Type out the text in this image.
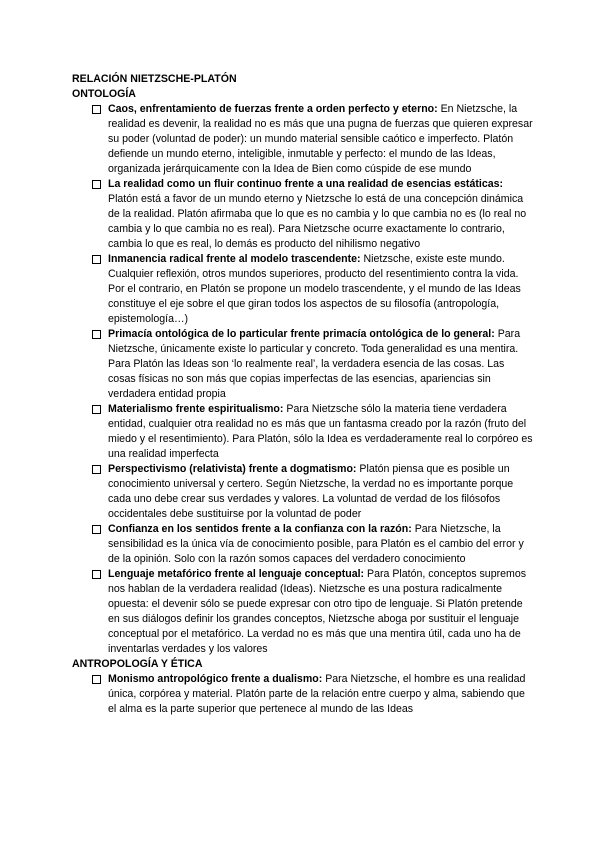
RELACIÓN NIETZSCHE-PLATÓN

ONTOLOGÍA

Caos, enfrentamiento de fuerzas frente a orden perfecto y eterno: En Nietzsche, la realidad es devenir, la realidad no es más que una pugna de fuerzas que quieren expresar su poder (voluntad de poder): un mundo material sensible caótico e imperfecto. Platón defiende un mundo eterno, inteligible, inmutable y perfecto: el mundo de las Ideas, organizada jerárquicamente con la Idea de Bien como cúspide de ese mundo
La realidad como un fluir continuo frente a una realidad de esencias estáticas: Platón está a favor de un mundo eterno y Nietzsche lo está de una concepción dinámica de la realidad. Platón afirmaba que lo que es no cambia y lo que cambia no es (lo real no cambia y lo que cambia no es real). Para Nietzsche ocurre exactamente lo contrario, cambia lo que es real, lo demás es producto del nihilismo negativo
Inmanencia radical frente al modelo trascendente: Nietzsche, existe este mundo. Cualquier reflexión, otros mundos superiores, producto del resentimiento contra la vida. Por el contrario, en Platón se propone un modelo trascendente, y el mundo de las Ideas constituye el eje sobre el que giran todos los aspectos de su filosofía (antropología, epistemología…)
Primacía ontológica de lo particular frente primacía ontológica de lo general: Para Nietzsche, únicamente existe lo particular y concreto. Toda generalidad es una mentira. Para Platón las Ideas son ‘lo realmente real’, la verdadera esencia de las cosas. Las cosas físicas no son más que copias imperfectas de las esencias, apariencias sin verdadera entidad propia
Materialismo frente espiritualismo: Para Nietzsche sólo la materia tiene verdadera entidad, cualquier otra realidad no es más que un fantasma creado por la razón (fruto del miedo y el resentimiento). Para Platón, sólo la Idea es verdaderamente real lo corpóreo es una realidad imperfecta
Perspectivismo (relativista) frente a dogmatismo: Platón piensa que es posible un conocimiento universal y certero. Según Nietzsche, la verdad no es importante porque cada uno debe crear sus verdades y valores. La voluntad de verdad de los filósofos occidentales debe sustituirse por la voluntad de poder
Confianza en los sentidos frente a la confianza con la razón: Para Nietzsche, la sensibilidad es la única vía de conocimiento posible, para Platón es el cambio del error y de la opinión. Solo con la razón somos capaces del verdadero conocimiento
Lenguaje metafórico frente al lenguaje conceptual: Para Platón, conceptos supremos nos hablan de la verdadera realidad (Ideas). Nietzsche es una postura radicalmente opuesta: el devenir sólo se puede expresar con otro tipo de lenguaje. Si Platón pretende en sus diálogos definir los grandes conceptos, Nietzsche aboga por sustituir el lenguaje conceptual por el metafórico. La verdad no es más que una mentira útil, cada uno ha de inventarlas verdades y los valores

ANTROPOLOGÍA Y ÉTICA

Monismo antropológico frente a dualismo: Para Nietzsche, el hombre es una realidad única, corpórea y material. Platón parte de la relación entre cuerpo y alma, sabiendo que el alma es la parte superior que pertenece al mundo de las Ideas
